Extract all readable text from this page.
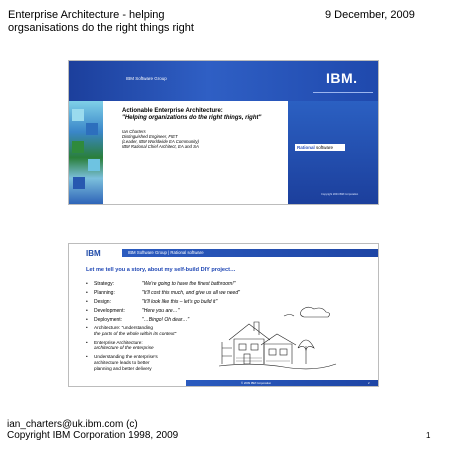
Enterprise Architecture - helping
orgsanisations do the right things right
9 December, 2009
IBM Software Group	IBM.
Actionable Enterprise Architecture:
"Helping organizations do the right things, right"
Ian Charters
Distinguished Engineer, FIET
(Leader, IBM Worldwide EA Community)
IBM Rational Chief Architect, EA and SA	Rational software
Copyright 2004 IBM Corporation
IBM	IBM Software Group | Rational software
Let me tell you a story, about my self-build DIY project…
• Strategy:	"We're going to have the finest bathroom!"
• Planning:	"It'll cost this much, and give us all we need"
• Design:	"It'll look like this – let's go build it"
• Development:	"Here you are…"
• Deployment:	"…Bingo! Oh dear…"
• Architecture: "understanding
the parts of the whole within its context"
• Enterprise Architecture:
architecture of the enterprise
• Understanding the enterprise's
architecture leads to better
planning and better delivery
© 2009 IBM Corporation	2
ian_charters@uk.ibm.com (c)
Copyright IBM Corporation 1998, 2009	1
